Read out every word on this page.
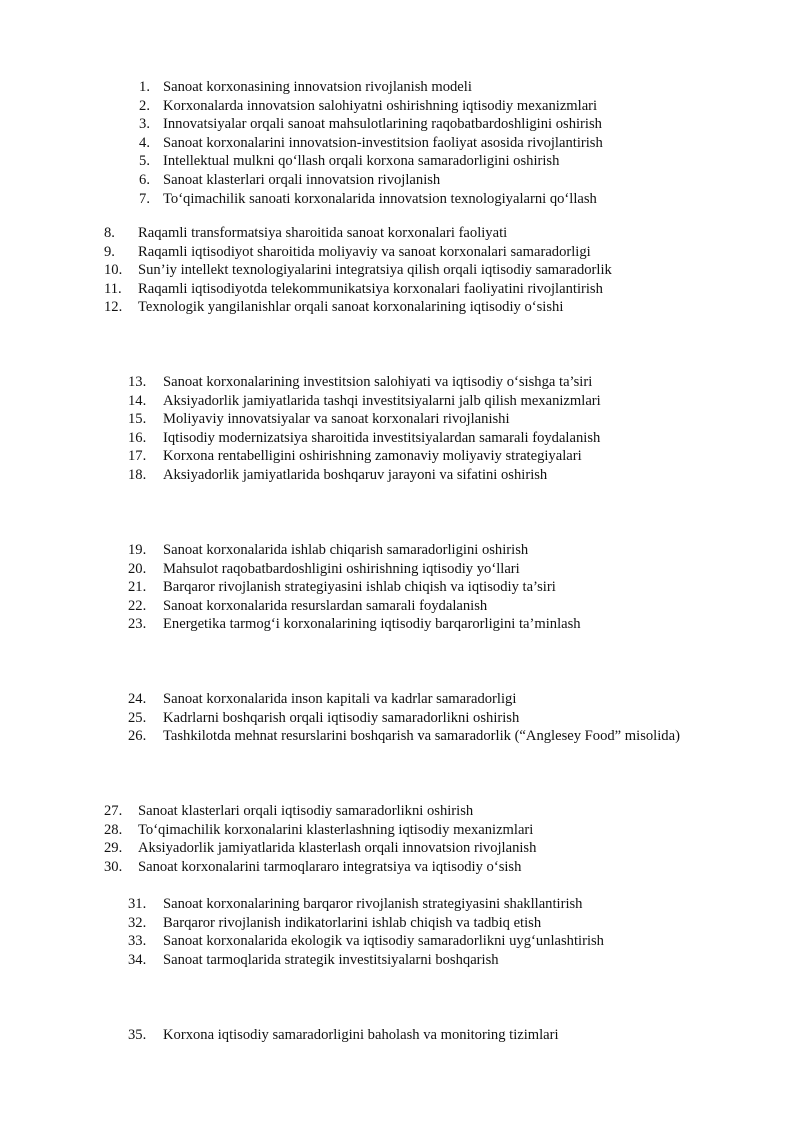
1. Sanoat korxonasining innovatsion rivojlanish modeli
2. Korxonalarda innovatsion salohiyatni oshirishning iqtisodiy mexanizmlari
3. Innovatsiyalar orqali sanoat mahsulotlarining raqobatbardoshligini oshirish
4. Sanoat korxonalarini innovatsion-investitsion faoliyat asosida rivojlantirish
5. Intellektual mulkni qo‘llash orqali korxona samaradorligini oshirish
6. Sanoat klasterlari orqali innovatsion rivojlanish
7. To‘qimachilik sanoati korxonalarida innovatsion texnologiyalarni qo‘llash
8.	Raqamli transformatsiya sharoitida sanoat korxonalari faoliyati
9.	Raqamli iqtisodiyot sharoitida moliyaviy va sanoat korxonalari samaradorligi
10.	Sun’iy intellekt texnologiyalarini integratsiya qilish orqali iqtisodiy samaradorlik
11.	Raqamli iqtisodiyotda telekommunikatsiya korxonalari faoliyatini rivojlantirish
12.	Texnologik yangilanishlar orqali sanoat korxonalarining iqtisodiy o‘sishi
13.	Sanoat korxonalarining investitsion salohiyati va iqtisodiy o‘sishga ta’siri
14.	Aksiyadorlik jamiyatlarida tashqi investitsiyalarni jalb qilish mexanizmlari
15.	Moliyaviy innovatsiyalar va sanoat korxonalari rivojlanishi
16.	Iqtisodiy modernizatsiya sharoitida investitsiyalardan samarali foydalanish
17.	Korxona rentabelligini oshirishning zamonaviy moliyaviy strategiyalari
18.	Aksiyadorlik jamiyatlarida boshqaruv jarayoni va sifatini oshirish
19.	Sanoat korxonalarida ishlab chiqarish samaradorligini oshirish
20.	Mahsulot raqobatbardoshligini oshirishning iqtisodiy yo‘llari
21.	Barqaror rivojlanish strategiyasini ishlab chiqish va iqtisodiy ta’siri
22.	Sanoat korxonalarida resurslardan samarali foydalanish
23.	Energetika tarmog‘i korxonalarining iqtisodiy barqarorligini ta’minlash
24.	Sanoat korxonalarida inson kapitali va kadrlar samaradorligi
25.	Kadrlarni boshqarish orqali iqtisodiy samaradorlikni oshirish
26.	Tashkilotda mehnat resurslarini boshqarish va samaradorlik (“Anglesey Food” misolida)
27.	Sanoat klasterlari orqali iqtisodiy samaradorlikni oshirish
28.	To‘qimachilik korxonalarini klasterlashning iqtisodiy mexanizmlari
29.	Aksiyadorlik jamiyatlarida klasterlash orqali innovatsion rivojlanish
30.	Sanoat korxonalarini tarmoqlararo integratsiya va iqtisodiy o‘sish
31.	Sanoat korxonalarining barqaror rivojlanish strategiyasini shakllantirish
32.	Barqaror rivojlanish indikatorlarini ishlab chiqish va tadbiq etish
33.	Sanoat korxonalarida ekologik va iqtisodiy samaradorlikni uyg‘unlashtirish
34.	Sanoat tarmoqlarida strategik investitsiyalarni boshqarish
35.	Korxona iqtisodiy samaradorligini baholash va monitoring tizimlari
